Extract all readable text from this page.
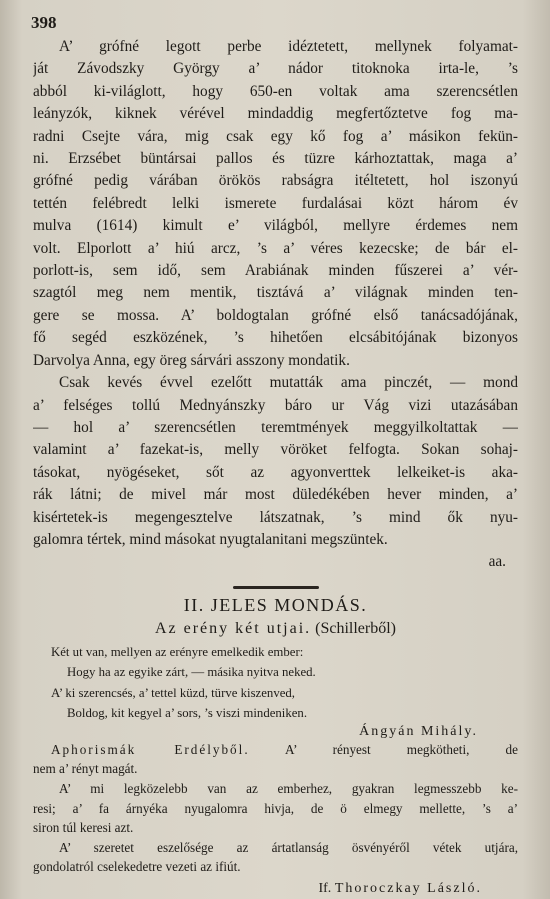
398
A’ grófné legott perbe idéztetett, mellynek folyamat-
ját Závodszky György a’ nádor titoknoka irta-le, ’s
abból ki-világlott, hogy 650-en voltak ama szerencsétlen
leányzók, kiknek vérével mindaddig megfertőztetve fog ma-
radni Csejte vára, mig csak egy kő fog a’ másikon fekün-
ni. Erzsébet büntársai pallos és tüzre kárhoztattak, maga a’
grófné pedig várában örökös rabságra itéltetett, hol iszonyú
tettén felébredt lelki ismerete furdalásai közt három év
mulva (1614) kimult e’ világból, mellyre érdemes nem
volt. Elporlott a’ hiú arcz, ’s a’ véres kezecske; de bár el-
porlott-is, sem idő, sem Arabiának minden fűszerei a’ vér-
szagtól meg nem mentik, tisztává a’ világnak minden ten-
gere se mossa. A’ boldogtalan grófné első tanácsadójának,
fő segéd eszközének, ’s hihetően elcsábitójának bizonyos
Darvolya Anna, egy öreg sárvári asszony mondatik.
Csak kevés évvel ezelőtt mutatták ama pinczét, — mond
a’ felséges tollú Mednyánszky báro ur Vág vizi utazásában
— hol a’ szerencsétlen teremtmények meggyilkoltattak —
valamint a’ fazekat-is, melly vöröket felfogta. Sokan sohaj-
tásokat, nyögéseket, sőt az agyonverttek lelkeiket-is aka-
rák látni; de mivel már most düledékében hever minden, a’
kisértetek-is megengesztelve látszatnak, ’s mind ők nyu-
galomra tértek, mind másokat nyugtalanitani megszüntek.
aa.
II. JELES MONDÁS.
Az erény két utjai. (Schillerből)
Két ut van, mellyen az erényre emelkedik ember:
Hogy ha az egyike zárt, — másika nyitva neked.
A’ ki szerencsés, a’ tettel küzd, türve kiszenved,
Boldog, kit kegyel a’ sors, ’s viszi mindeniken.
Ángyán Mihály.
Aphorismák Erdélyből. A’ rényest megkötheti, de
nem a’ rényt magát.
A’ mi legközelebb van az emberhez, gyakran legmesszebb ke-
resi; a’ fa árnyéka nyugalomra hivja, de ö elmegy mellette, ’s a’
siron túl keresi azt.
A’ szeretet eszelősége az ártatlanság ösvényéről vétek utjára,
gondolatról cselekedetre vezeti az ifiút.
If. Thoroczkay László.
